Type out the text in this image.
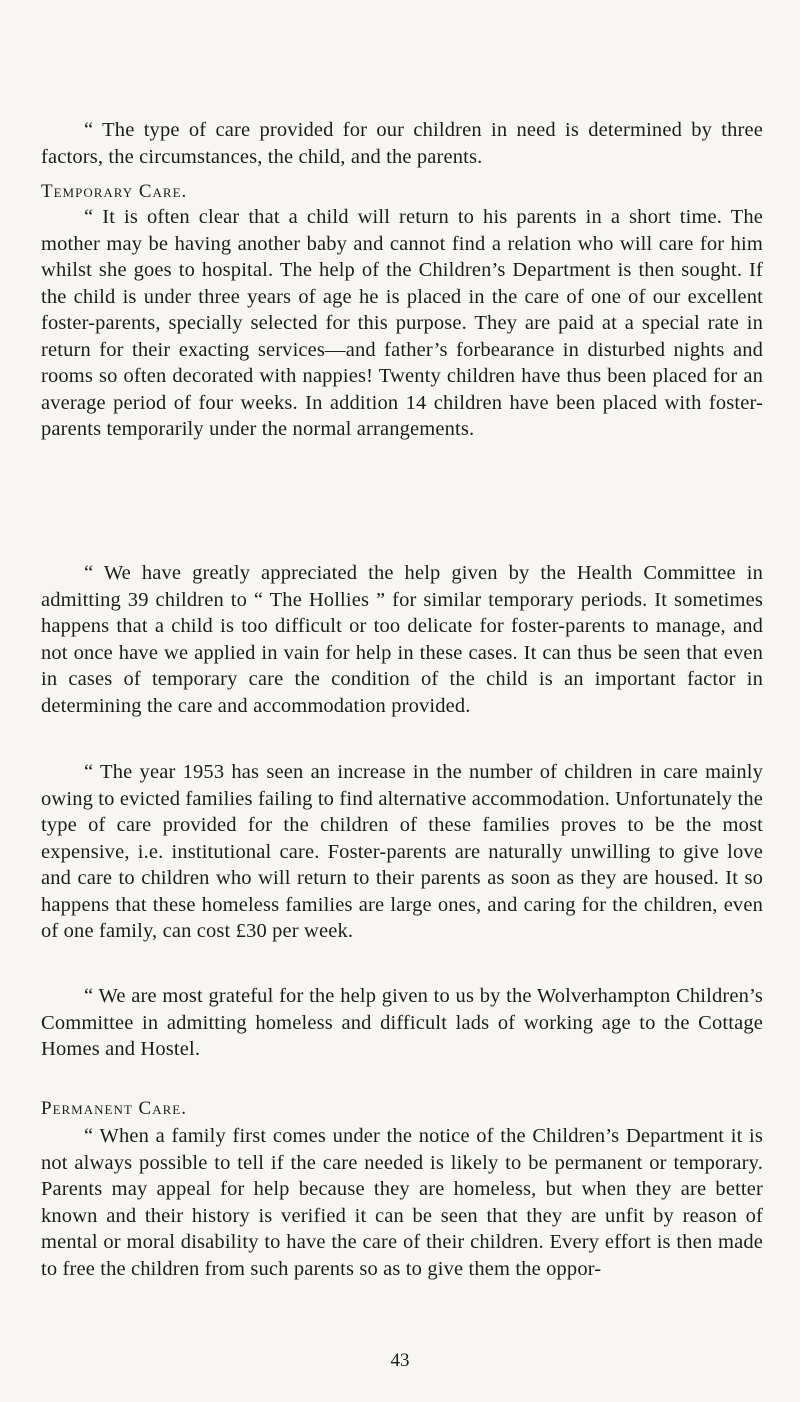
“ The type of care provided for our children in need is determined by three factors, the circumstances, the child, and the parents.

Temporary Care.

“ It is often clear that a child will return to his parents in a short time. The mother may be having another baby and cannot find a relation who will care for him whilst she goes to hospital. The help of the Children’s Department is then sought. If the child is under three years of age he is placed in the care of one of our excellent foster-parents, specially selected for this purpose. They are paid at a special rate in return for their exacting services—and father’s forbearance in disturbed nights and rooms so often decorated with nappies! Twenty children have thus been placed for an average period of four weeks. In addition 14 children have been placed with foster-parents temporarily under the normal arrangements.

“ We have greatly appreciated the help given by the Health Committee in admitting 39 children to “ The Hollies ” for similar temporary periods. It sometimes happens that a child is too difficult or too delicate for foster-parents to manage, and not once have we applied in vain for help in these cases. It can thus be seen that even in cases of temporary care the condition of the child is an important factor in determining the care and accommodation provided.

“ The year 1953 has seen an increase in the number of children in care mainly owing to evicted families failing to find alternative accommodation. Unfortunately the type of care provided for the children of these families proves to be the most expensive, i.e. institutional care. Foster-parents are naturally unwilling to give love and care to children who will return to their parents as soon as they are housed. It so happens that these homeless families are large ones, and caring for the children, even of one family, can cost £30 per week.

“ We are most grateful for the help given to us by the Wolverhampton Children’s Committee in admitting homeless and difficult lads of working age to the Cottage Homes and Hostel.

Permanent Care.

“ When a family first comes under the notice of the Children’s Department it is not always possible to tell if the care needed is likely to be permanent or temporary. Parents may appeal for help because they are homeless, but when they are better known and their history is verified it can be seen that they are unfit by reason of mental or moral disability to have the care of their children. Every effort is then made to free the children from such parents so as to give them the oppor-

43
